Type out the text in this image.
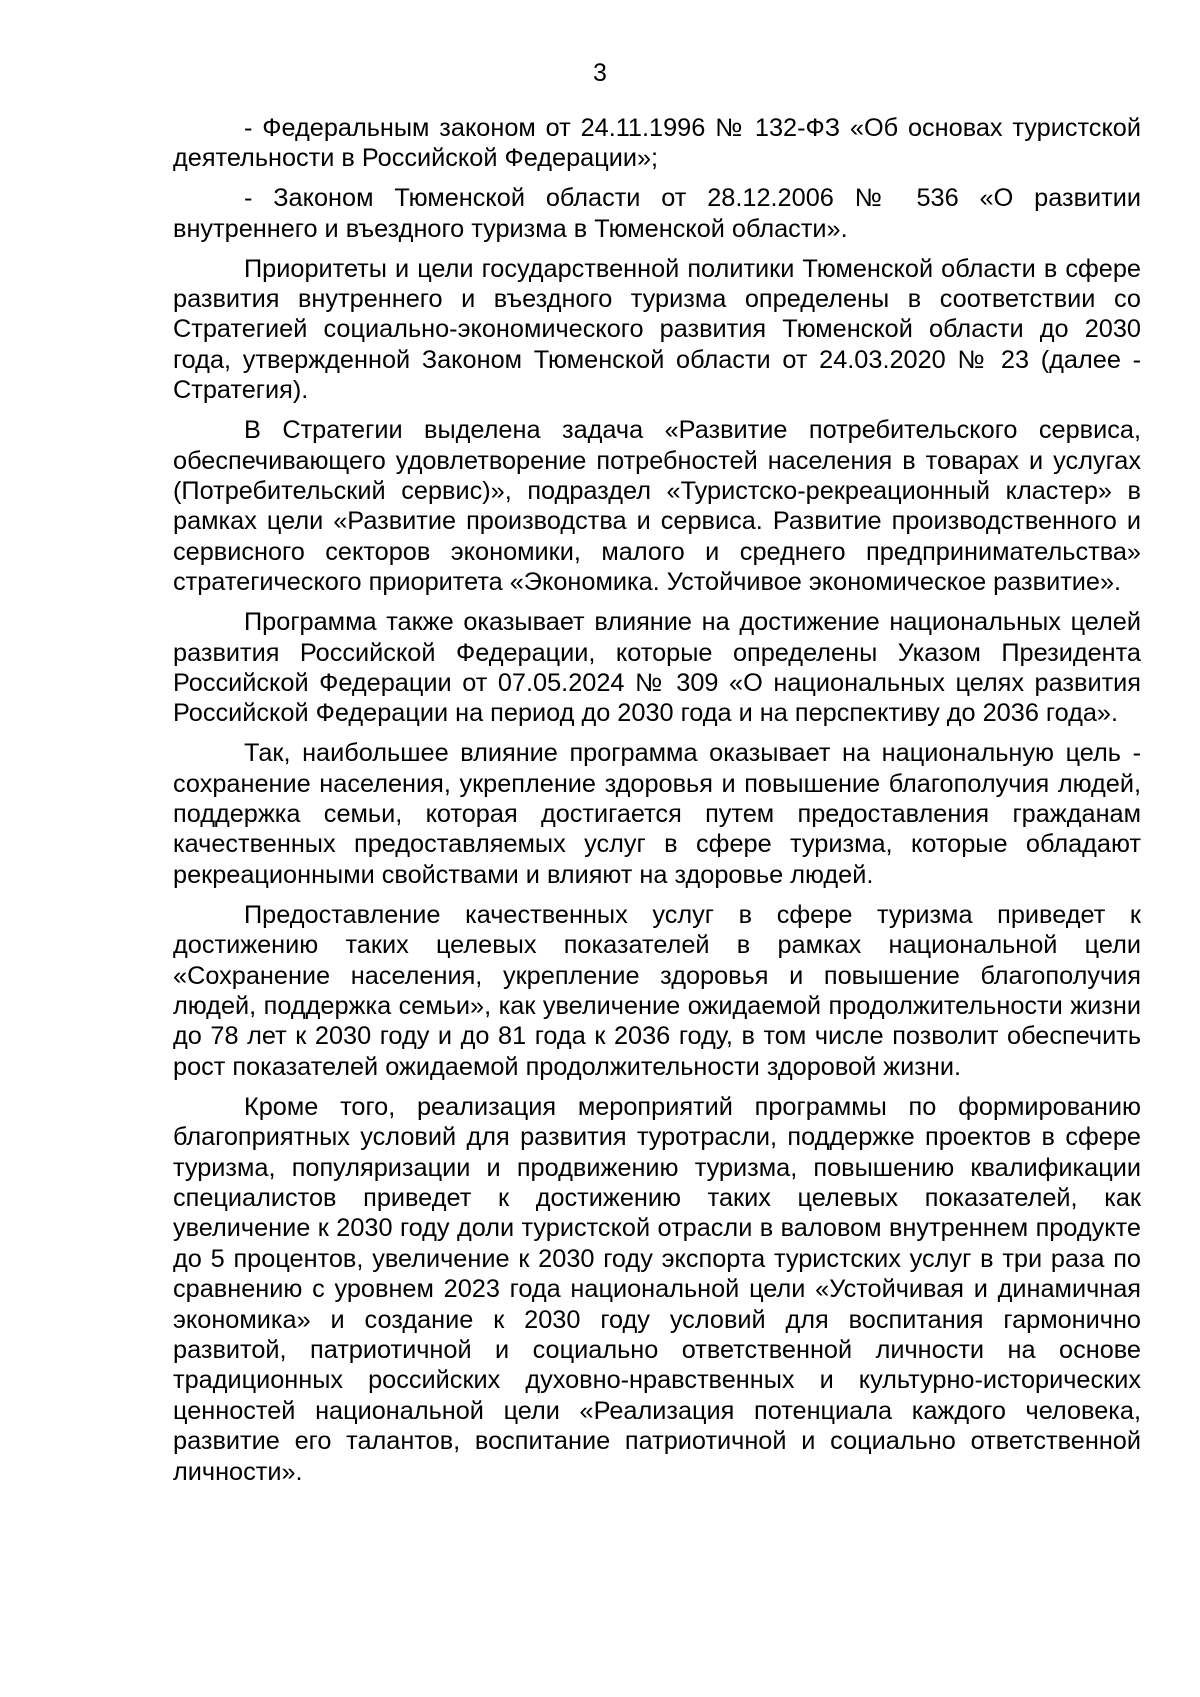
3

- Федеральным законом от 24.11.1996 № 132-ФЗ «Об основах туристской деятельности в Российской Федерации»;

- Законом Тюменской области от 28.12.2006 № 536 «О развитии внутреннего и въездного туризма в Тюменской области».

Приоритеты и цели государственной политики Тюменской области в сфере развития внутреннего и въездного туризма определены в соответствии со Стратегией социально-экономического развития Тюменской области до 2030 года, утвержденной Законом Тюменской области от 24.03.2020 № 23 (далее - Стратегия).

В Стратегии выделена задача «Развитие потребительского сервиса, обеспечивающего удовлетворение потребностей населения в товарах и услугах (Потребительский сервис)», подраздел «Туристско-рекреационный кластер» в рамках цели «Развитие производства и сервиса. Развитие производственного и сервисного секторов экономики, малого и среднего предпринимательства» стратегического приоритета «Экономика. Устойчивое экономическое развитие».

Программа также оказывает влияние на достижение национальных целей развития Российской Федерации, которые определены Указом Президента Российской Федерации от 07.05.2024 № 309 «О национальных целях развития Российской Федерации на период до 2030 года и на перспективу до 2036 года».

Так, наибольшее влияние программа оказывает на национальную цель - сохранение населения, укрепление здоровья и повышение благополучия людей, поддержка семьи, которая достигается путем предоставления гражданам качественных предоставляемых услуг в сфере туризма, которые обладают рекреационными свойствами и влияют на здоровье людей.

Предоставление качественных услуг в сфере туризма приведет к достижению таких целевых показателей в рамках национальной цели «Сохранение населения, укрепление здоровья и повышение благополучия людей, поддержка семьи», как увеличение ожидаемой продолжительности жизни до 78 лет к 2030 году и до 81 года к 2036 году, в том числе позволит обеспечить рост показателей ожидаемой продолжительности здоровой жизни.

Кроме того, реализация мероприятий программы по формированию благоприятных условий для развития туротрасли, поддержке проектов в сфере туризма, популяризации и продвижению туризма, повышению квалификации специалистов приведет к достижению таких целевых показателей, как увеличение к 2030 году доли туристской отрасли в валовом внутреннем продукте до 5 процентов, увеличение к 2030 году экспорта туристских услуг в три раза по сравнению с уровнем 2023 года национальной цели «Устойчивая и динамичная экономика» и создание к 2030 году условий для воспитания гармонично развитой, патриотичной и социально ответственной личности на основе традиционных российских духовно-нравственных и культурно-исторических ценностей национальной цели «Реализация потенциала каждого человека, развитие его талантов, воспитание патриотичной и социально ответственной личности».
